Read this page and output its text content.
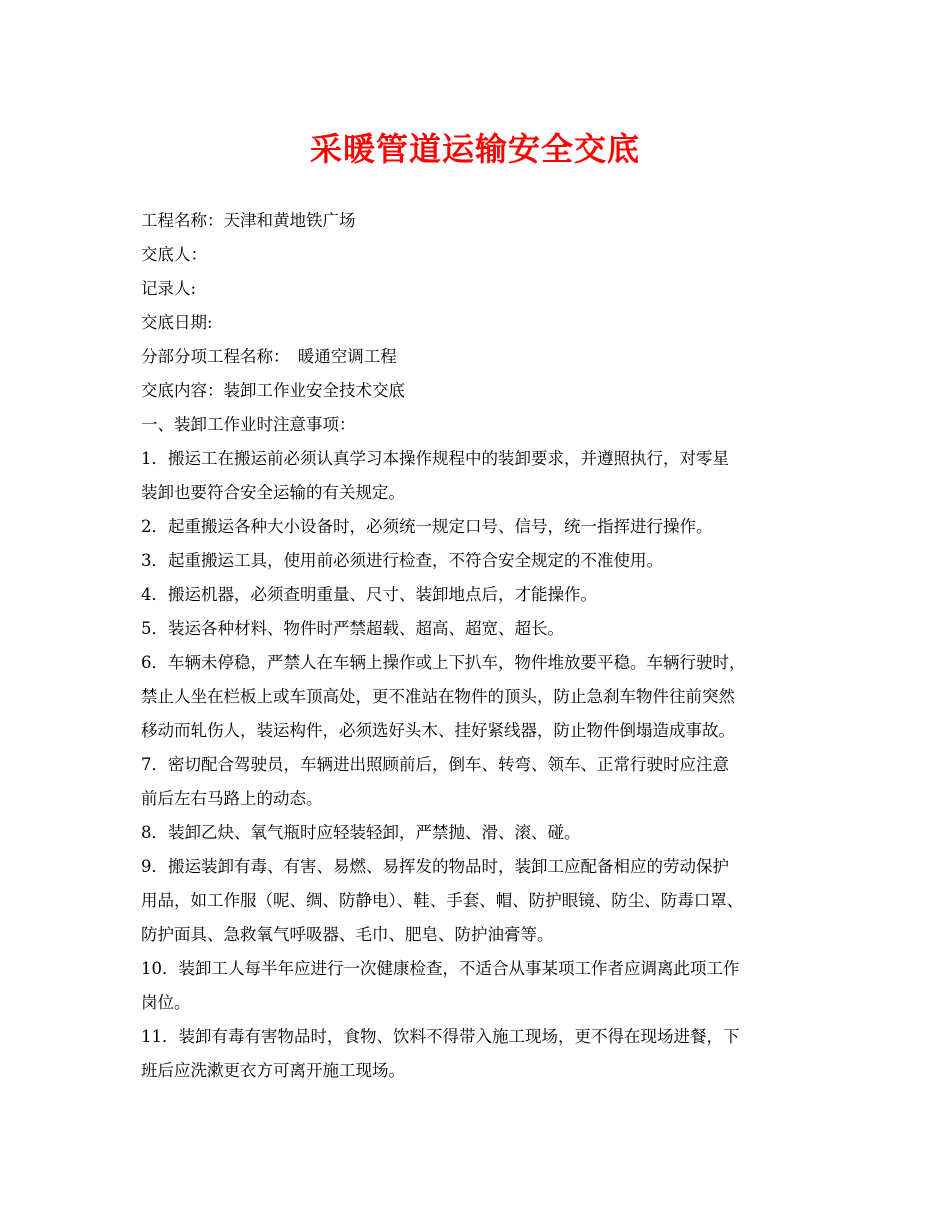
采暖管道运输安全交底
工程名称：天津和黄地铁广场
交底人：
记录人:
交底日期:
分部分项工程名称：　暖通空调工程
交底内容：装卸工作业安全技术交底
一、装卸工作业时注意事项：
1．搬运工在搬运前必须认真学习本操作规程中的装卸要求，并遵照执行，对零星
装卸也要符合安全运输的有关规定。
2．起重搬运各种大小设备时，必须统一规定口号、信号，统一指挥进行操作。
3．起重搬运工具，使用前必须进行检查，不符合安全规定的不准使用。
4．搬运机器，必须查明重量、尺寸、装卸地点后，才能操作。
5．装运各种材料、物件时严禁超载、超高、超宽、超长。
6．车辆未停稳，严禁人在车辆上操作或上下扒车，物件堆放要平稳。车辆行驶时，
禁止人坐在栏板上或车顶高处，更不准站在物件的顶头，防止急刹车物件往前突然
移动而轧伤人，装运构件，必须选好头木、挂好紧线器，防止物件倒塌造成事故。
7．密切配合驾驶员，车辆进出照顾前后，倒车、转弯、领车、正常行驶时应注意
前后左右马路上的动态。
8．装卸乙炔、氧气瓶时应轻装轻卸，严禁抛、滑、滚、碰。
9．搬运装卸有毒、有害、易燃、易挥发的物品时，装卸工应配备相应的劳动保护
用品，如工作服（呢、绸、防静电）、鞋、手套、帽、防护眼镜、防尘、防毒口罩、
防护面具、急救氧气呼吸器、毛巾、肥皂、防护油膏等。
10．装卸工人每半年应进行一次健康检查，不适合从事某项工作者应调离此项工作
岗位。
11．装卸有毒有害物品时，食物、饮料不得带入施工现场，更不得在现场进餐，下
班后应洗漱更衣方可离开施工现场。
